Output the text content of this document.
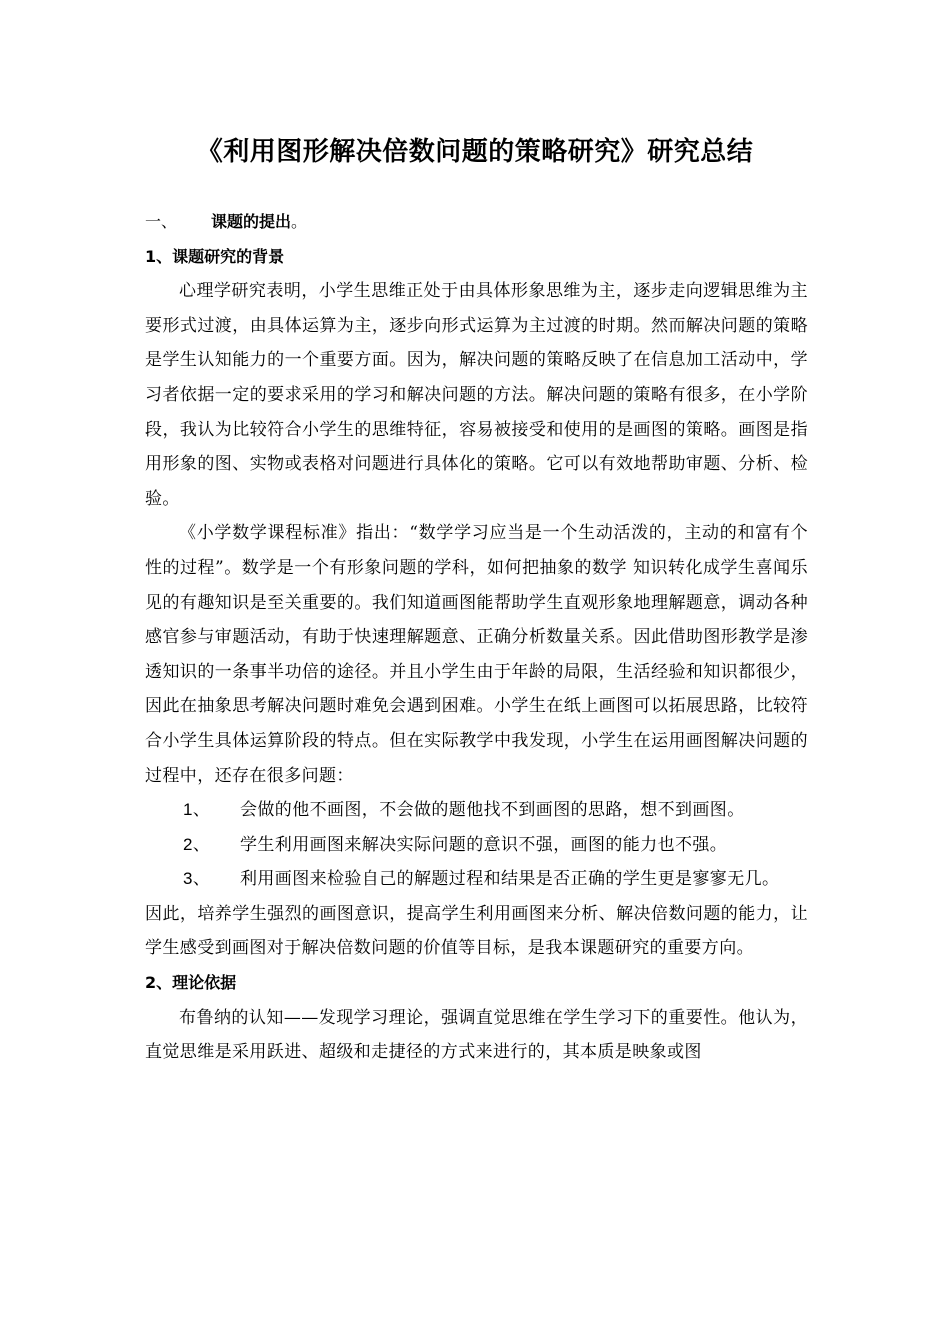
《利用图形解决倍数问题的策略研究》研究总结
一、 课题的提出。
1、课题研究的背景

心理学研究表明，小学生思维正处于由具体形象思维为主，逐步走向逻辑思维为主要形式过渡，由具体运算为主，逐步向形式运算为主过渡的时期。然而解决问题的策略是学生认知能力的一个重要方面。因为，解决问题的策略反映了在信息加工活动中，学习者依据一定的要求采用的学习和解决问题的方法。解决问题的策略有很多，在小学阶段，我认为比较符合小学生的思维特征，容易被接受和使用的是画图的策略。画图是指用形象的图、实物或表格对问题进行具体化的策略。它可以有效地帮助审题、分析、检验。

《小学数学课程标准》指出：“数学学习应当是一个生动活泼的，主动的和富有个性的过程”。数学是一个有形象问题的学科，如何把抽象的数学 知识转化成学生喜闻乐见的有趣知识是至关重要的。我们知道画图能帮助学生直观形象地理解题意，调动各种感官参与审题活动，有助于快速理解题意、正确分析数量关系。因此借助图形教学是渗透知识的一条事半功倍的途径。并且小学生由于年龄的局限，生活经验和知识都很少，因此在抽象思考解决问题时难免会遇到困难。小学生在纸上画图可以拓展思路，比较符合小学生具体运算阶段的特点。但在实际教学中我发现，小学生在运用画图解决问题的过程中，还存在很多问题：

1、 会做的他不画图，不会做的题他找不到画图的思路，想不到画图。
2、 学生利用画图来解决实际问题的意识不强，画图的能力也不强。
3、 利用画图来检验自己的解题过程和结果是否正确的学生更是寥寥无几。

因此，培养学生强烈的画图意识，提高学生利用画图来分析、解决倍数问题的能力，让学生感受到画图对于解决倍数问题的价值等目标，是我本课题研究的重要方向。

2、理论依据

布鲁纳的认知——发现学习理论，强调直觉思维在学生学习下的重要性。他认为，直觉思维是采用跃进、超级和走捷径的方式来进行的，其本质是映象或图
